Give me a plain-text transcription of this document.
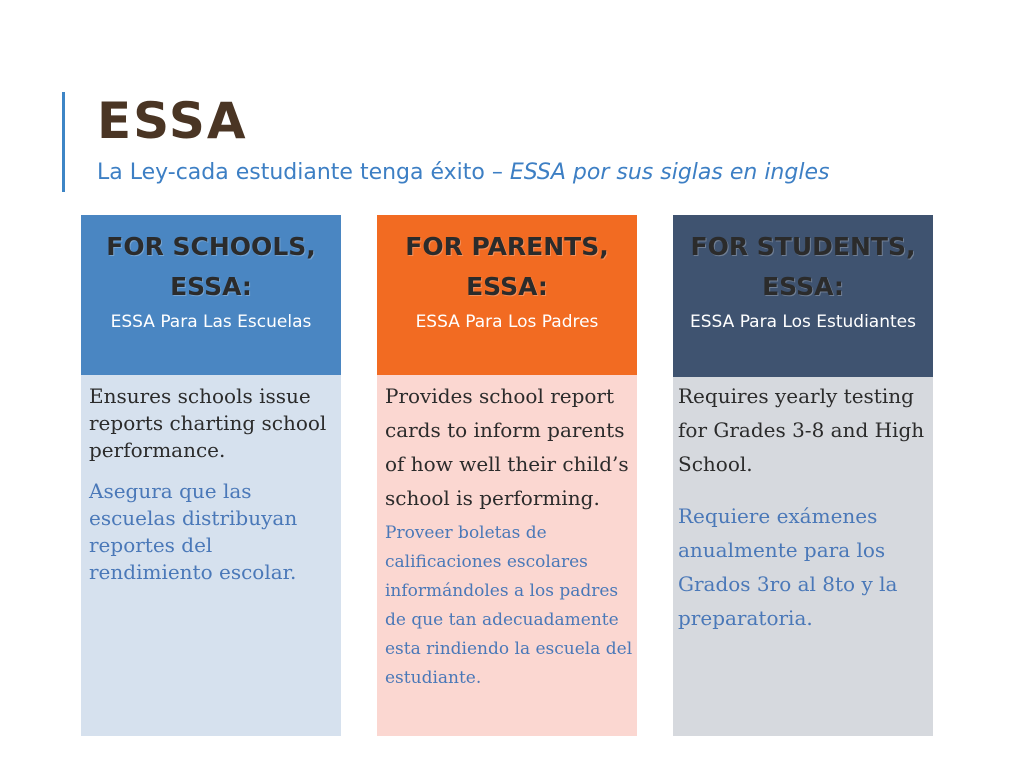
ESSA
La Ley-cada estudiante tenga éxito – ESSA por sus siglas en ingles
FOR SCHOOLS, ESSA:
ESSA Para Las Escuelas
Ensures schools issue reports charting school performance.
Asegura que las escuelas distribuyan reportes del rendimiento escolar.
FOR PARENTS, ESSA:
ESSA Para Los Padres
Provides school report cards to inform parents of how well their child’s school is performing.
Proveer boletas de calificaciones escolares informándoles a los padres de que tan adecuadamente esta rindiendo la escuela del estudiante.
FOR STUDENTS, ESSA:
ESSA Para Los Estudiantes
Requires yearly testing for Grades 3-8 and High School.
Requiere exámenes anualmente para los Grados 3ro al 8to y la preparatoria.
